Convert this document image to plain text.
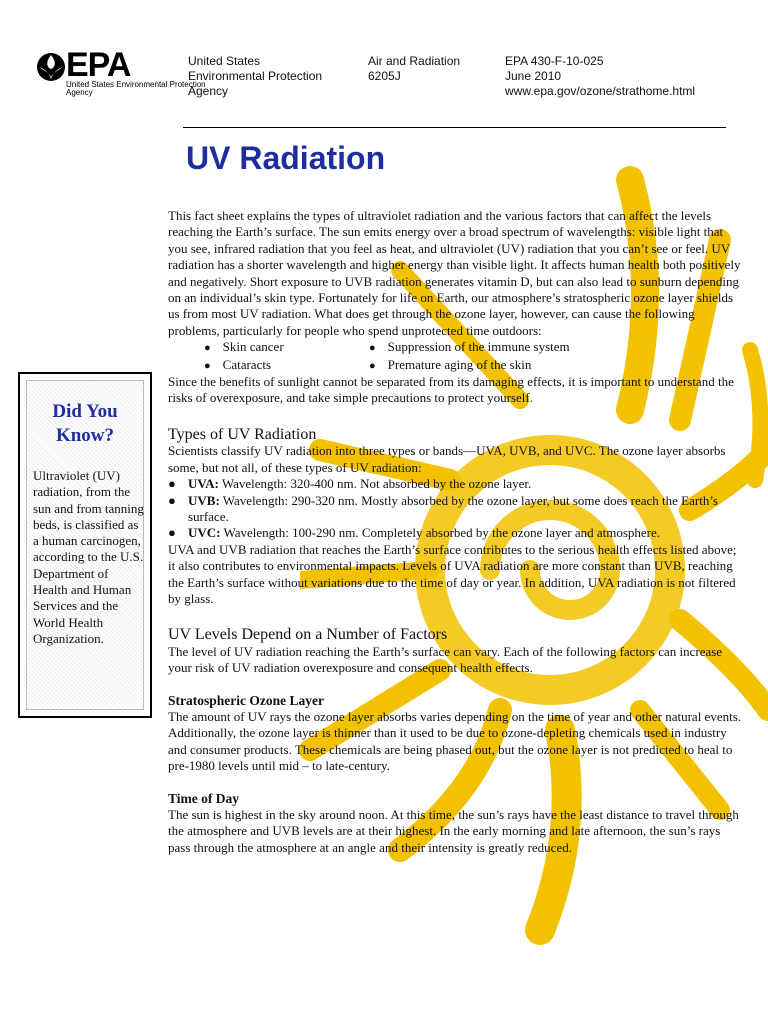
EPA
United States Environmental Protection Agency
United States
Environmental Protection
Agency
Air and Radiation
6205J
EPA 430-F-10-025
June 2010
www.epa.gov/ozone/strathome.html
UV Radiation

This fact sheet explains the types of ultraviolet radiation and the various factors that can affect the levels reaching the Earth’s surface. The sun emits energy over a broad spectrum of wavelengths: visible light that you see, infrared radiation that you feel as heat, and ultraviolet (UV) radiation that you can’t see or feel. UV radiation has a shorter wavelength and higher energy than visible light. It affects human health both positively and negatively. Short exposure to UVB radiation generates vitamin D, but can also lead to sunburn depending on an individual’s skin type. Fortunately for life on Earth, our atmosphere’s stratospheric ozone layer shields us from most UV radiation. What does get through the ozone layer, however, can cause the following problems, particularly for people who spend unprotected time outdoors:

● Skin cancer	● Suppression of the immune system
● Cataracts	● Premature aging of the skin

Since the benefits of sunlight cannot be separated from its damaging effects, it is important to understand the risks of overexposure, and take simple precautions to protect yourself.

Types of UV Radiation

Scientists classify UV radiation into three types or bands—UVA, UVB, and UVC. The ozone layer absorbs some, but not all, of these types of UV radiation:

● UVA: Wavelength: 320-400 nm. Not absorbed by the ozone layer.
● UVB: Wavelength: 290-320 nm. Mostly absorbed by the ozone layer, but some does reach the Earth’s surface.
● UVC: Wavelength: 100-290 nm. Completely absorbed by the ozone layer and atmosphere.

UVA and UVB radiation that reaches the Earth’s surface contributes to the serious health effects listed above; it also contributes to environmental impacts. Levels of UVA radiation are more constant than UVB, reaching the Earth’s surface without variations due to the time of day or year. In addition, UVA radiation is not filtered by glass.

UV Levels Depend on a Number of Factors

The level of UV radiation reaching the Earth’s surface can vary. Each of the following factors can increase your risk of UV radiation overexposure and consequent health effects.

Stratospheric Ozone Layer

The amount of UV rays the ozone layer absorbs varies depending on the time of year and other natural events. Additionally, the ozone layer is thinner than it used to be due to ozone-depleting chemicals used in industry and consumer products. These chemicals are being phased out, but the ozone layer is not predicted to heal to pre-1980 levels until mid – to late-century.

Time of Day

The sun is highest in the sky around noon. At this time, the sun’s rays have the least distance to travel through the atmosphere and UVB levels are at their highest. In the early morning and late afternoon, the sun’s rays pass through the atmosphere at an angle and their intensity is greatly reduced.

Did You
Know?
Ultraviolet (UV) radiation, from the sun and from tanning beds, is classified as a human carcinogen, according to the U.S. Department of Health and Human Services and the World Health Organization.
